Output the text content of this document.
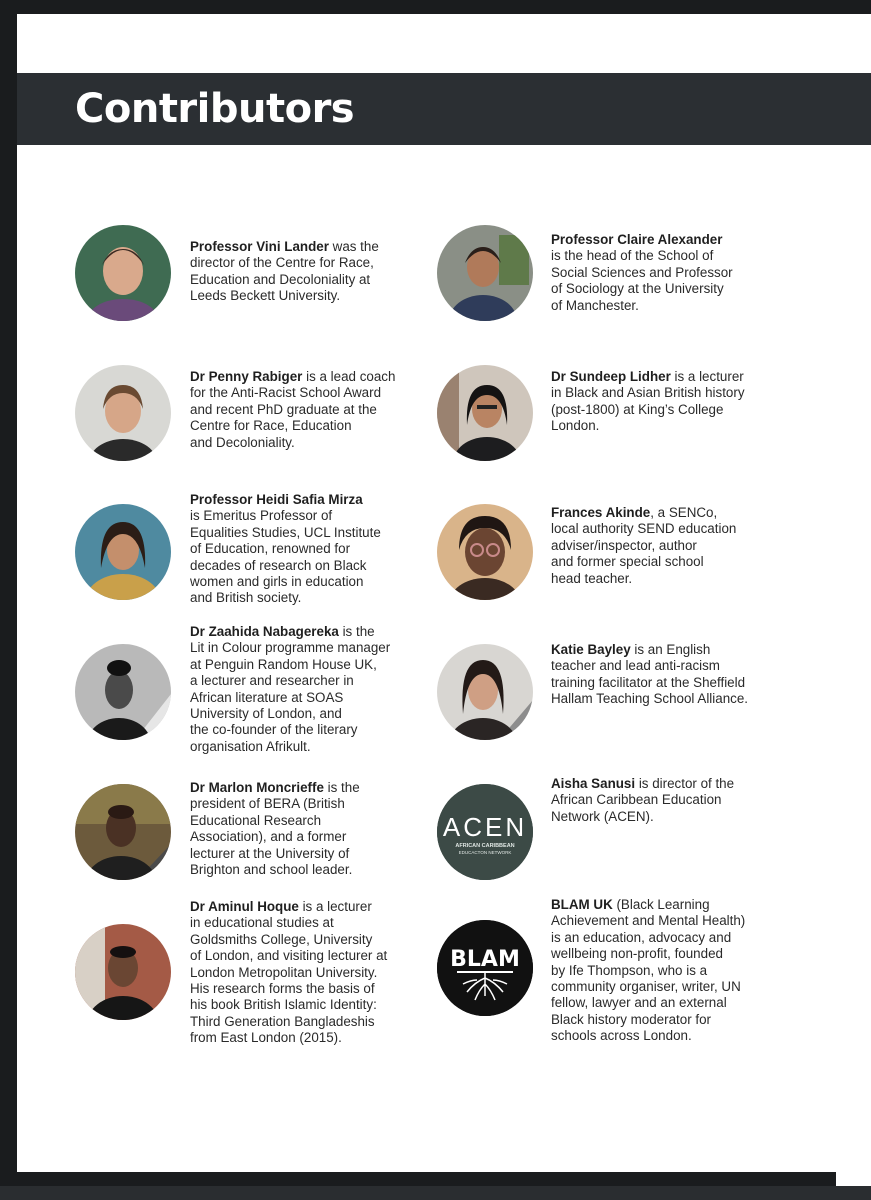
Contributors

Professor Vini Lander was the
director of the Centre for Race,
Education and Decoloniality at
Leeds Beckett University.

Professor Claire Alexander
is the head of the School of
Social Sciences and Professor
of Sociology at the University
of Manchester.

Dr Penny Rabiger is a lead coach
for the Anti-Racist School Award
and recent PhD graduate at the
Centre for Race, Education
and Decoloniality.

Dr Sundeep Lidher is a lecturer
in Black and Asian British history
(post-1800) at King’s College
London.

Professor Heidi Safia Mirza
is Emeritus Professor of
Equalities Studies, UCL Institute
of Education, renowned for
decades of research on Black
women and girls in education
and British society.

Frances Akinde, a SENCo,
local authority SEND education
adviser/inspector, author
and former special school
head teacher.

Dr Zaahida Nabagereka is the
Lit in Colour programme manager
at Penguin Random House UK,
a lecturer and researcher in
African literature at SOAS
University of London, and
the co-founder of the literary
organisation Afrikult.

Katie Bayley is an English
teacher and lead anti-racism
training facilitator at the Sheffield
Hallam Teaching School Alliance.

Dr Marlon Moncrieffe is the
president of BERA (British
Educational Research
Association), and a former
lecturer at the University of
Brighton and school leader.

ACEN
AFRICAN CARIBBEAN
EDUCACTON NETWORK

Aisha Sanusi is director of the
African Caribbean Education
Network (ACEN).

Dr Aminul Hoque is a lecturer
in educational studies at
Goldsmiths College, University
of London, and visiting lecturer at
London Metropolitan University.
His research forms the basis of
his book British Islamic Identity:
Third Generation Bangladeshis
from East London (2015).

BLAM

BLAM UK (Black Learning
Achievement and Mental Health)
is an education, advocacy and
wellbeing non-profit, founded
by Ife Thompson, who is a
community organiser, writer, UN
fellow, lawyer and an external
Black history moderator for
schools across London.
